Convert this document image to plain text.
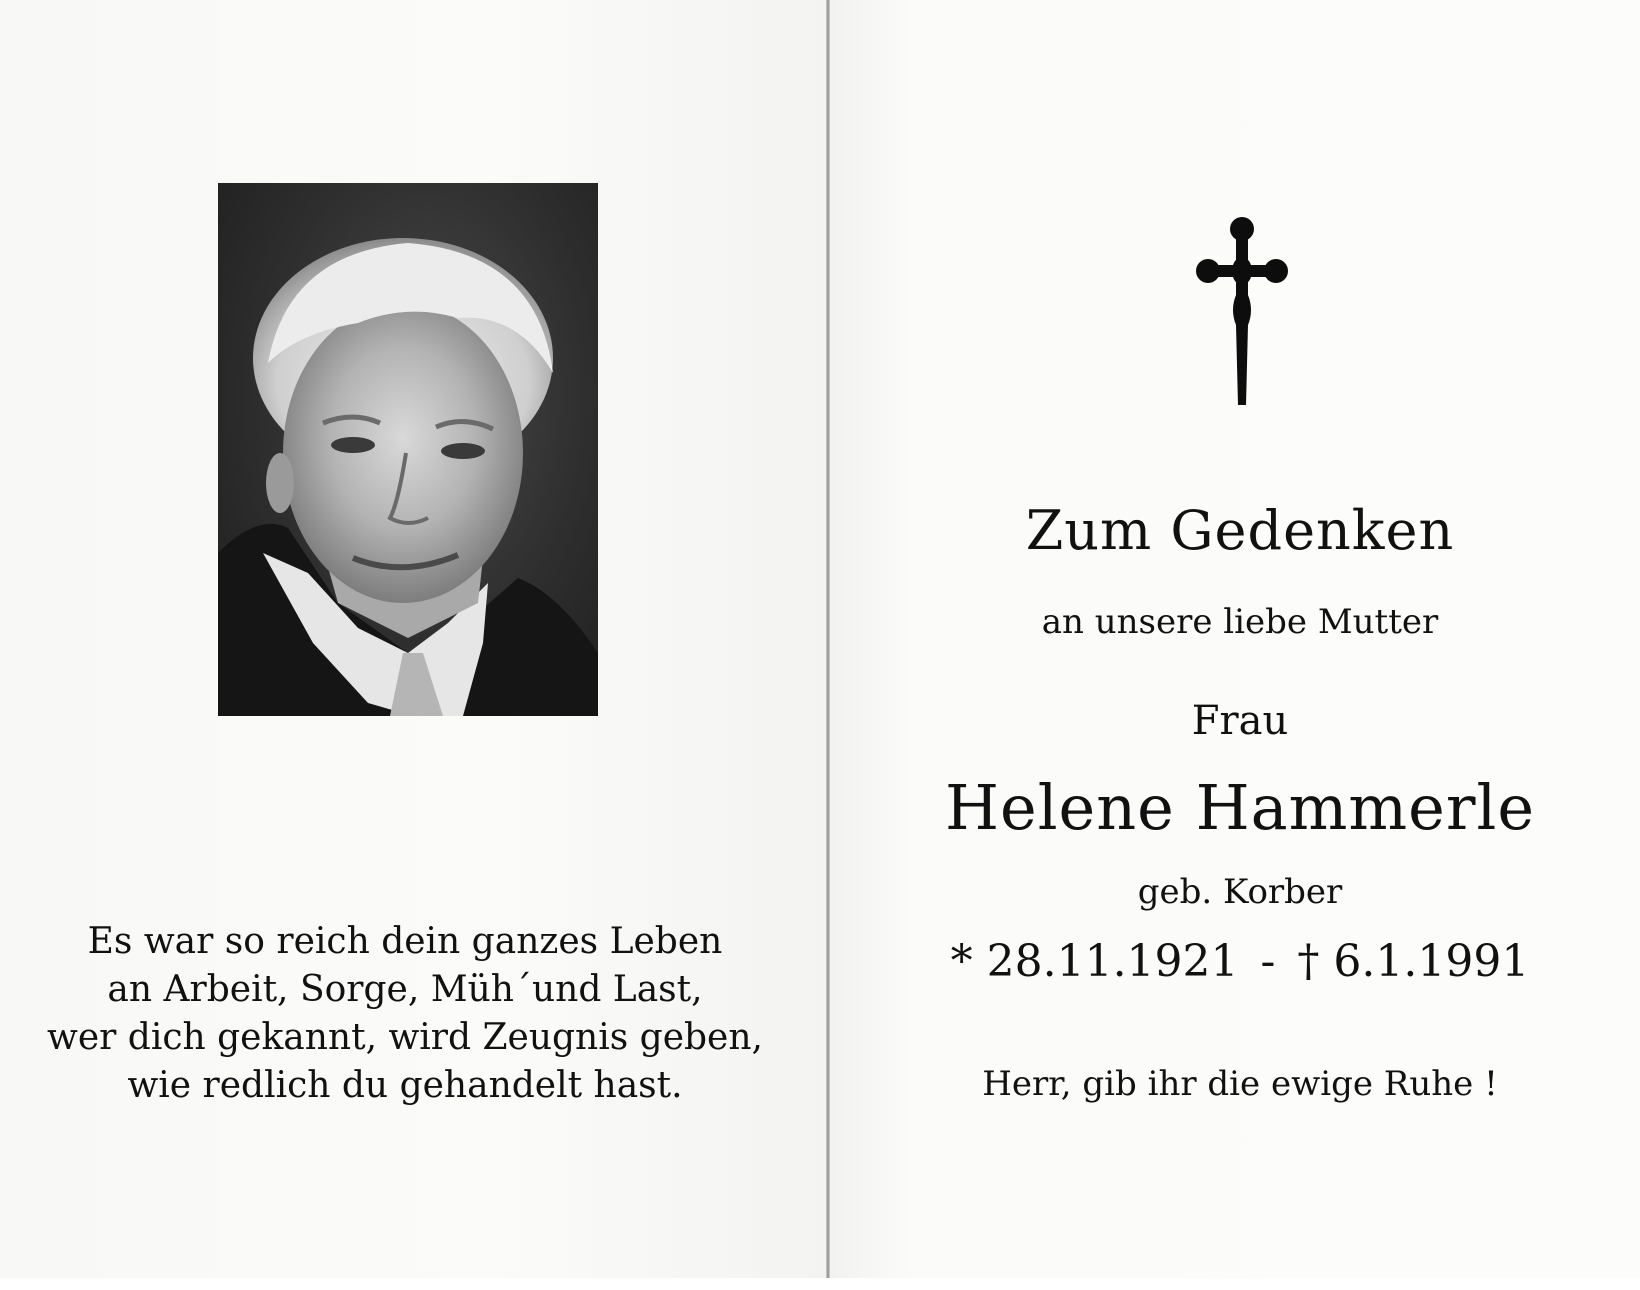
Es war so reich dein ganzes Leben
an Arbeit, Sorge, Müh´und Last,
wer dich gekannt, wird Zeugnis geben,
wie redlich du gehandelt hast.
Zum Gedenken
an unsere liebe Mutter
Frau
Helene Hammerle
geb. Korber
* 28.11.1921 - † 6.1.1991
Herr, gib ihr die ewige Ruhe !
